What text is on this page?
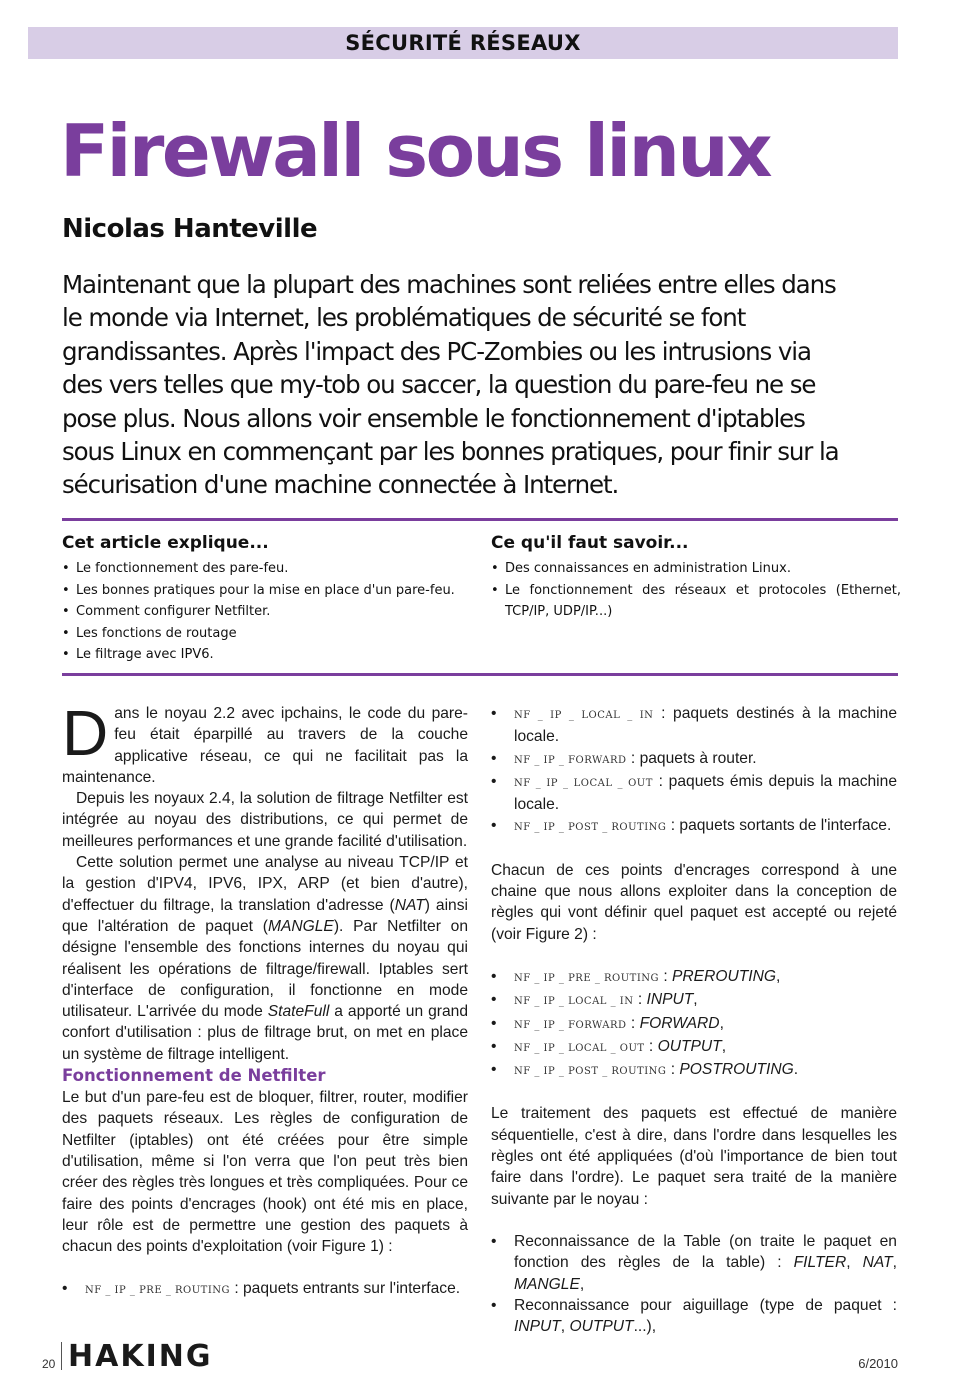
SÉCURITÉ RÉSEAUX
Firewall sous linux
Nicolas Hanteville

Maintenant que la plupart des machines sont reliées entre elles dans le monde via Internet, les problématiques de sécurité se font grandissantes. Après l'impact des PC-Zombies ou les intrusions via des vers telles que my-tob ou saccer, la question du pare-feu ne se pose plus. Nous allons voir ensemble le fonctionnement d'iptables sous Linux en commençant par les bonnes pratiques, pour finir sur la sécurisation d'une machine connectée à Internet.

Cet article explique...
• Le fonctionnement des pare-feu.
• Les bonnes pratiques pour la mise en place d'un pare-feu.
• Comment configurer Netfilter.
• Les fonctions de routage
• Le filtrage avec IPV6.
Ce qu'il faut savoir...
• Des connaissances en administration Linux.
• Le fonctionnement des réseaux et protocoles (Ethernet, TCP/IP, UDP/IP...)

Dans le noyau 2.2 avec ipchains, le code du pare-feu était éparpillé au travers de la couche applicative réseau, ce qui ne facilitait pas la maintenance.

Depuis les noyaux 2.4, la solution de filtrage Netfilter est intégrée au noyau des distributions, ce qui permet de meilleures performances et une grande facilité d'utilisation.

Cette solution permet une analyse au niveau TCP/IP et la gestion d'IPV4, IPV6, IPX, ARP (et bien d'autre), d'effectuer du filtrage, la translation d'adresse (NAT) ainsi que l'altération de paquet (MANGLE). Par Netfilter on désigne l'ensemble des fonctions internes du noyau qui réalisent les opérations de filtrage/firewall. Iptables sert d'interface de configuration, il fonctionne en mode utilisateur. L'arrivée du mode StateFull a apporté un grand confort d'utilisation : plus de filtrage brut, on met en place un système de filtrage intelligent.

Fonctionnement de Netfilter

Le but d'un pare-feu est de bloquer, filtrer, router, modifier des paquets réseaux. Les règles de configuration de Netfilter (iptables) ont été créées pour être simple d'utilisation, même si l'on verra que l'on peut très bien créer des règles très longues et très compliquées. Pour ce faire des points d'encrages (hook) ont été mis en place, leur rôle est de permettre une gestion des paquets à chacun des points d'exploitation (voir Figure 1) :

• NF _ IP _ PRE _ ROUTING : paquets entrants sur l'interface.
• NF _ IP _ LOCAL _ IN : paquets destinés à la machine locale.
• NF _ IP _ FORWARD : paquets à router.
• NF _ IP _ LOCAL _ OUT : paquets émis depuis la machine locale.
• NF _ IP _ POST _ ROUTING : paquets sortants de l'interface.

Chacun de ces points d'encrages correspond à une chaine que nous allons exploiter dans la conception de règles qui vont définir quel paquet est accepté ou rejeté (voir Figure 2) :

• NF _ IP _ PRE _ ROUTING : PREROUTING,
• NF _ IP _ LOCAL _ IN : INPUT,
• NF _ IP _ FORWARD : FORWARD,
• NF _ IP _ LOCAL _ OUT : OUTPUT,
• NF _ IP _ POST _ ROUTING : POSTROUTING.

Le traitement des paquets est effectué de manière séquentielle, c'est à dire, dans l'ordre dans lesquelles les règles ont été appliquées (d'où l'importance de bien tout faire dans l'ordre). Le paquet sera traité de la manière suivante par le noyau :

• Reconnaissance de la Table (on traite le paquet en fonction des règles de la table) : FILTER, NAT, MANGLE,
• Reconnaissance pour aiguillage (type de paquet : INPUT, OUTPUT...),
20 HAKING	6/2010
